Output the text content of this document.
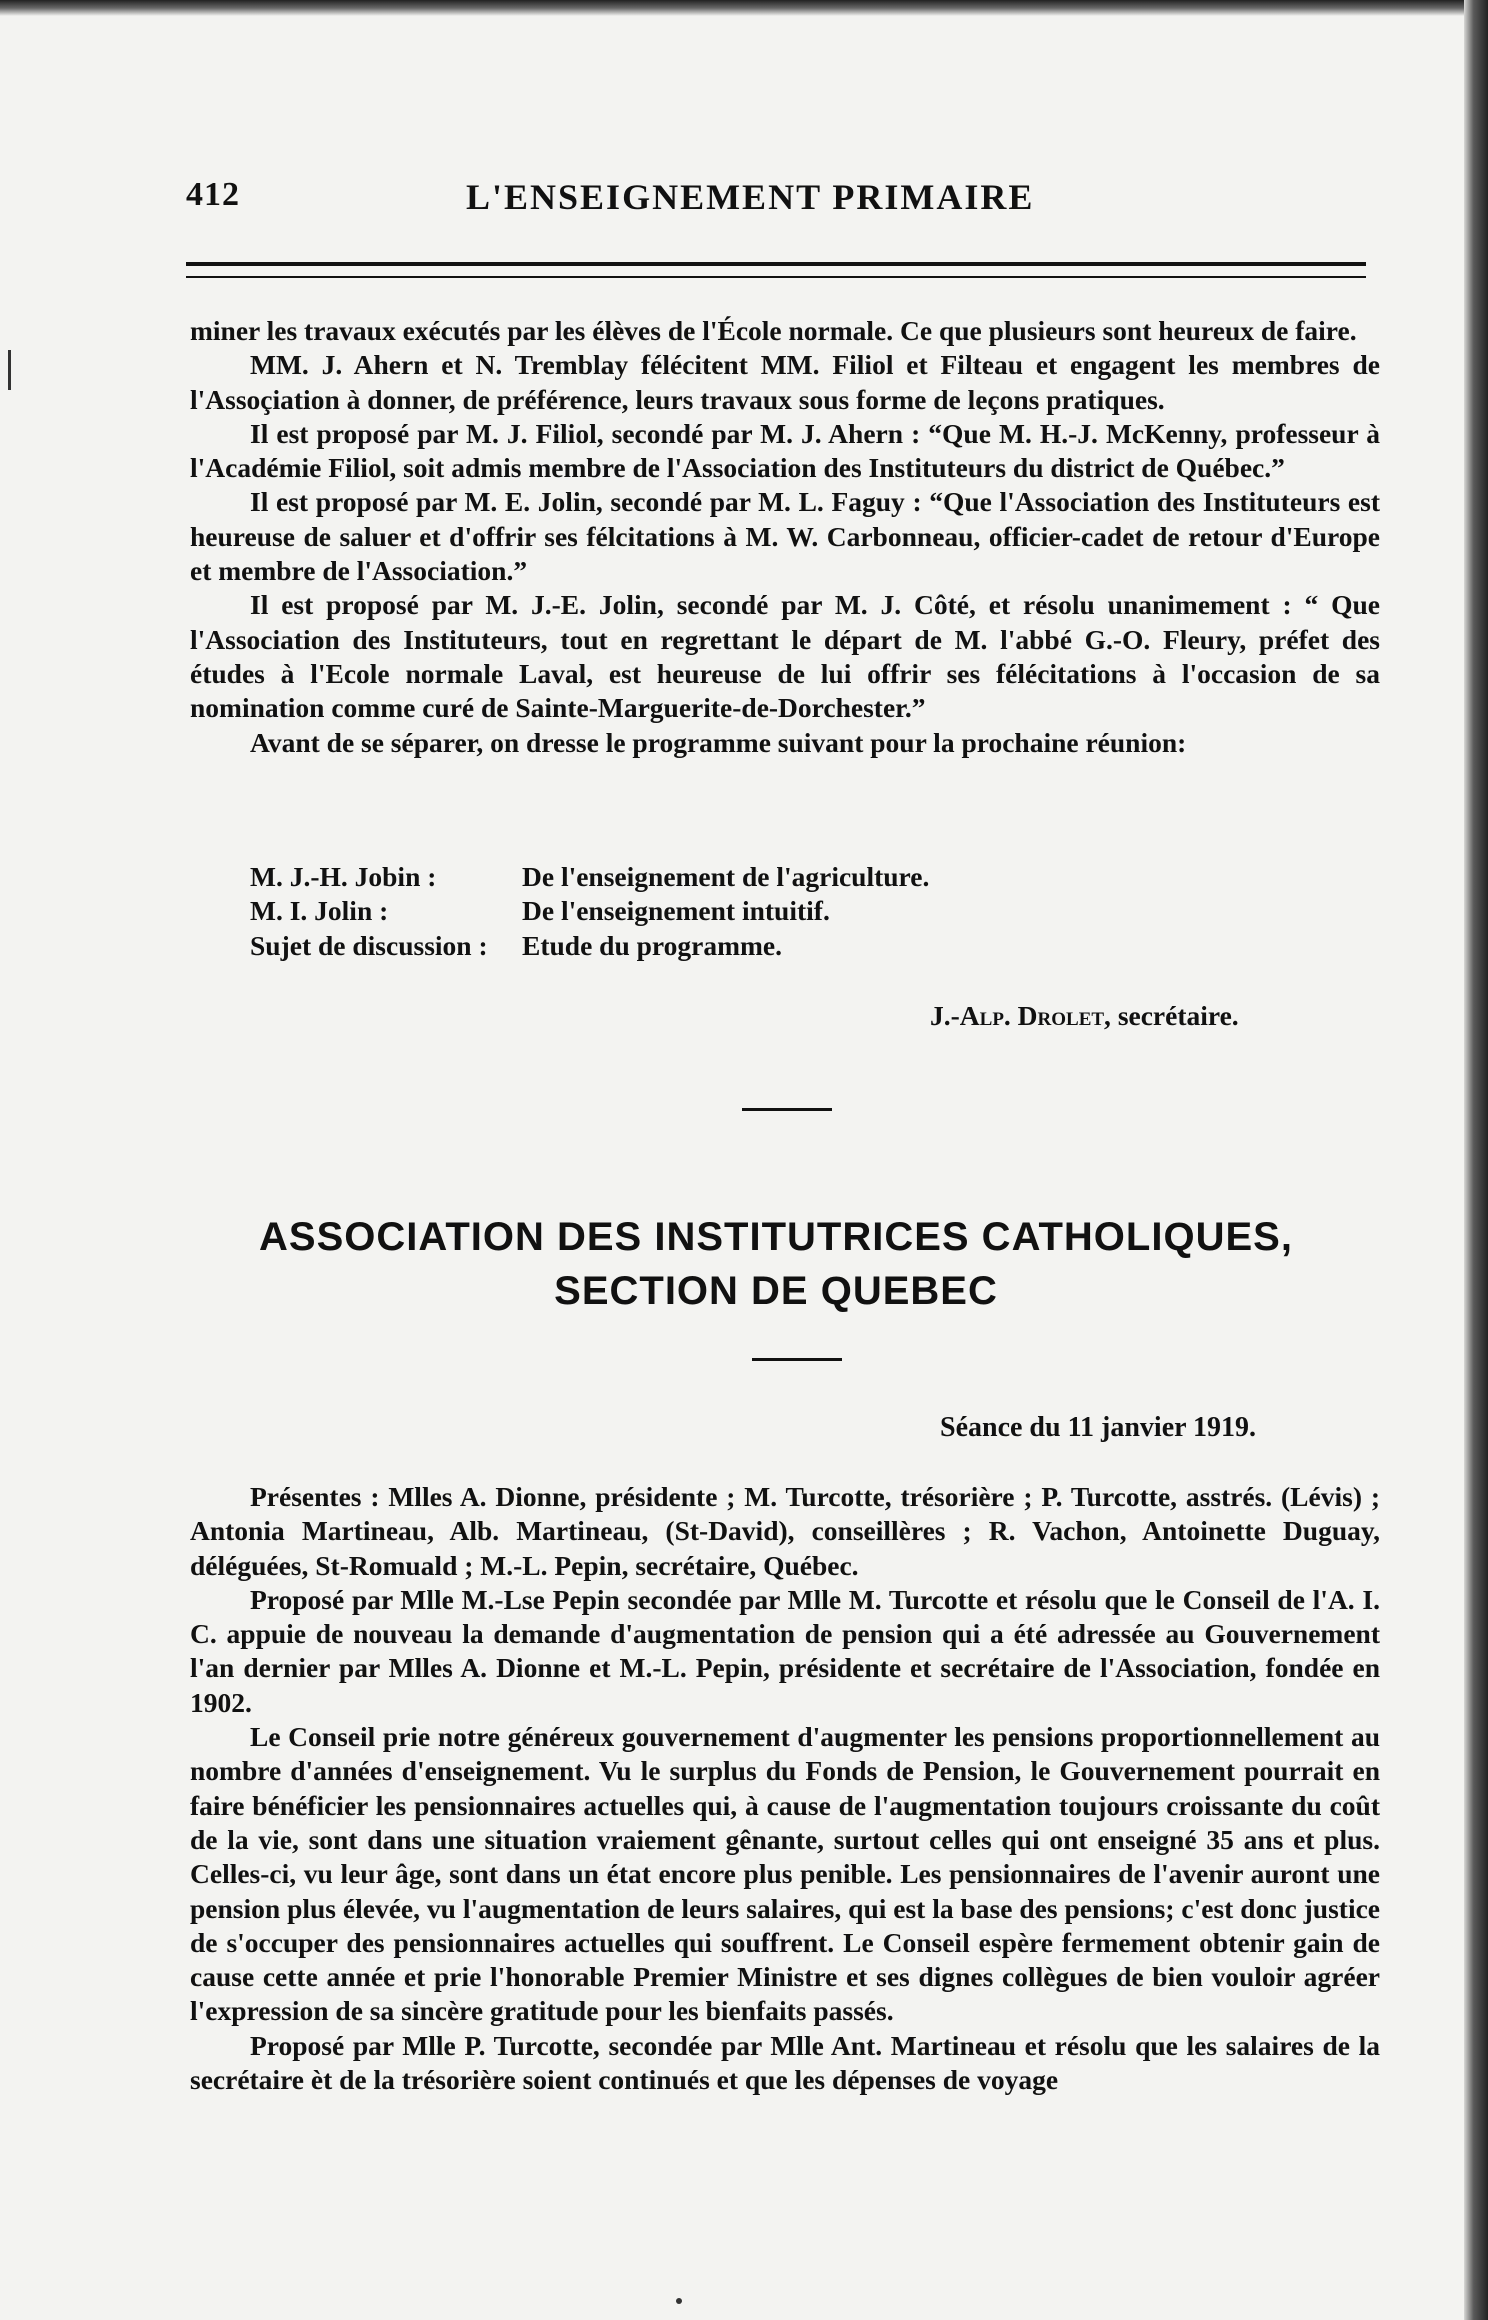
412	L'ENSEIGNEMENT PRIMAIRE

miner les travaux exécutés par les élèves de l'École normale. Ce que plusieurs sont heureux de faire.

MM. J. Ahern et N. Tremblay félécitent MM. Filiol et Filteau et engagent les membres de l'Assoçiation à donner, de préférence, leurs travaux sous forme de leçons pratiques.

Il est proposé par M. J. Filiol, secondé par M. J. Ahern : “Que M. H.-J. McKenny, professeur à l'Académie Filiol, soit admis membre de l'Association des Instituteurs du district de Québec.”

Il est proposé par M. E. Jolin, secondé par M. L. Faguy : “Que l'Association des Instituteurs est heureuse de saluer et d'offrir ses félcitations à M. W. Carbonneau, officier-cadet de retour d'Europe et membre de l'Association.”

Il est proposé par M. J.-E. Jolin, secondé par M. J. Côté, et résolu unanimement : “ Que l'Association des Instituteurs, tout en regrettant le départ de M. l'abbé G.-O. Fleury, préfet des études à l'Ecole normale Laval, est heureuse de lui offrir ses félécitations à l'occasion de sa nomination comme curé de Sainte-Marguerite-de-Dorchester.”

Avant de se séparer, on dresse le programme suivant pour la prochaine réunion:

M. J.-H. Jobin :	De l'enseignement de l'agriculture.
M. I. Jolin :	De l'enseignement intuitif.
Sujet de discussion :	Etude du programme.
J.-Alp. Drolet, secrétaire.
ASSOCIATION DES INSTITUTRICES CATHOLIQUES,
SECTION DE QUEBEC
Séance du 11 janvier 1919.

Présentes : Mlles A. Dionne, présidente ; M. Turcotte, trésorière ; P. Turcotte, asstrés. (Lévis) ; Antonia Martineau, Alb. Martineau, (St-David), conseillères ; R. Vachon, Antoinette Duguay, déléguées, St-Romuald ; M.-L. Pepin, secrétaire, Québec.

Proposé par Mlle M.-Lse Pepin secondée par Mlle M. Turcotte et résolu que le Conseil de l'A. I. C. appuie de nouveau la demande d'augmentation de pension qui a été adressée au Gouvernement l'an dernier par Mlles A. Dionne et M.-L. Pepin, présidente et secrétaire de l'Association, fondée en 1902.

Le Conseil prie notre généreux gouvernement d'augmenter les pensions proportionnellement au nombre d'années d'enseignement. Vu le surplus du Fonds de Pension, le Gouvernement pourrait en faire bénéficier les pensionnaires actuelles qui, à cause de l'augmentation toujours croissante du coût de la vie, sont dans une situation vraiement gênante, surtout celles qui ont enseigné 35 ans et plus. Celles-ci, vu leur âge, sont dans un état encore plus penible. Les pensionnaires de l'avenir auront une pension plus élevée, vu l'augmentation de leurs salaires, qui est la base des pensions; c'est donc justice de s'occuper des pensionnaires actuelles qui souffrent. Le Conseil espère fermement obtenir gain de cause cette année et prie l'honorable Premier Ministre et ses dignes collègues de bien vouloir agréer l'expression de sa sincère gratitude pour les bienfaits passés.

Proposé par Mlle P. Turcotte, secondée par Mlle Ant. Martineau et résolu que les salaires de la secrétaire èt de la trésorière soient continués et que les dépenses de voyage
